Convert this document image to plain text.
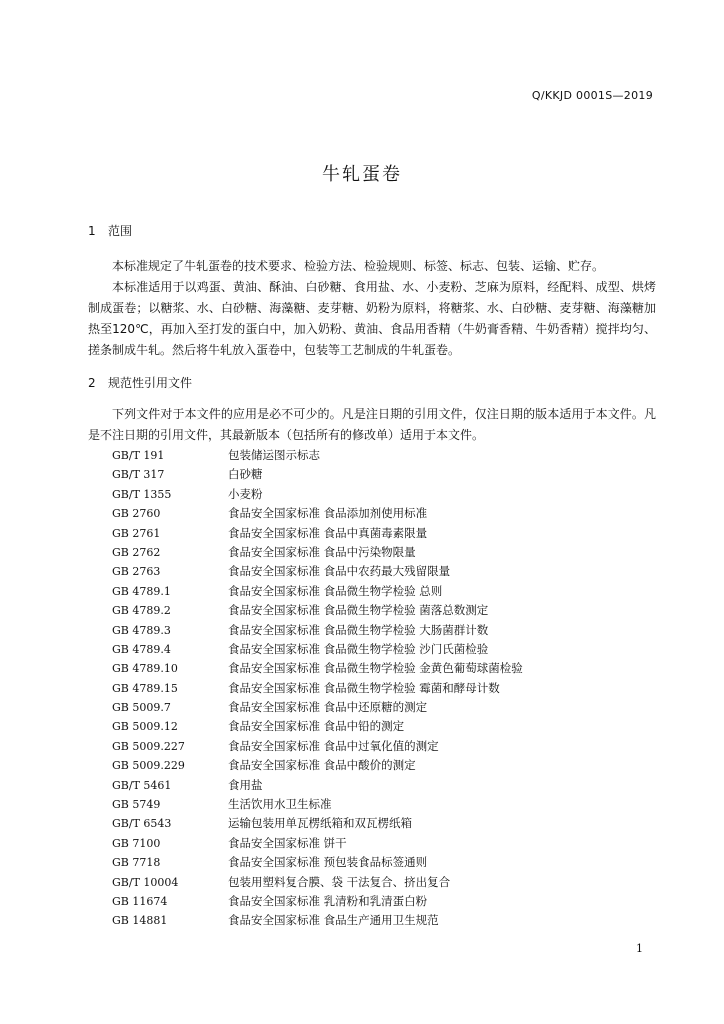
Q/KKJD 0001S—2019
牛轧蛋卷
1 范围

本标准规定了牛轧蛋卷的技术要求、检验方法、检验规则、标签、标志、包装、运输、贮存。

本标准适用于以鸡蛋、黄油、酥油、白砂糖、食用盐、水、小麦粉、芝麻为原料，经配料、成型、烘烤制成蛋卷；以糖浆、水、白砂糖、海藻糖、麦芽糖、奶粉为原料，将糖浆、水、白砂糖、麦芽糖、海藻糖加热至120℃，再加入至打发的蛋白中，加入奶粉、黄油、食品用香精（牛奶膏香精、牛奶香精）搅拌均匀、搓条制成牛轧。然后将牛轧放入蛋卷中，包装等工艺制成的牛轧蛋卷。

2 规范性引用文件

下列文件对于本文件的应用是必不可少的。凡是注日期的引用文件，仅注日期的版本适用于本文件。凡是不注日期的引用文件，其最新版本（包括所有的修改单）适用于本文件。

GB/T 191	包装储运图示标志
GB/T 317	白砂糖
GB/T 1355	小麦粉
GB 2760	食品安全国家标准 食品添加剂使用标准
GB 2761	食品安全国家标准 食品中真菌毒素限量
GB 2762	食品安全国家标准 食品中污染物限量
GB 2763	食品安全国家标准 食品中农药最大残留限量
GB 4789.1	食品安全国家标准 食品微生物学检验 总则
GB 4789.2	食品安全国家标准 食品微生物学检验 菌落总数测定
GB 4789.3	食品安全国家标准 食品微生物学检验 大肠菌群计数
GB 4789.4	食品安全国家标准 食品微生物学检验 沙门氏菌检验
GB 4789.10	食品安全国家标准 食品微生物学检验 金黄色葡萄球菌检验
GB 4789.15	食品安全国家标准 食品微生物学检验 霉菌和酵母计数
GB 5009.7	食品安全国家标准 食品中还原糖的测定
GB 5009.12	食品安全国家标准 食品中铅的测定
GB 5009.227	食品安全国家标准 食品中过氧化值的测定
GB 5009.229	食品安全国家标准 食品中酸价的测定
GB/T 5461	食用盐
GB 5749	生活饮用水卫生标准
GB/T 6543	运输包装用单瓦楞纸箱和双瓦楞纸箱
GB 7100	食品安全国家标准 饼干
GB 7718	食品安全国家标准 预包装食品标签通则
GB/T 10004	包装用塑料复合膜、袋 干法复合、挤出复合
GB 11674	食品安全国家标准 乳清粉和乳清蛋白粉
GB 14881	食品安全国家标准 食品生产通用卫生规范
1
